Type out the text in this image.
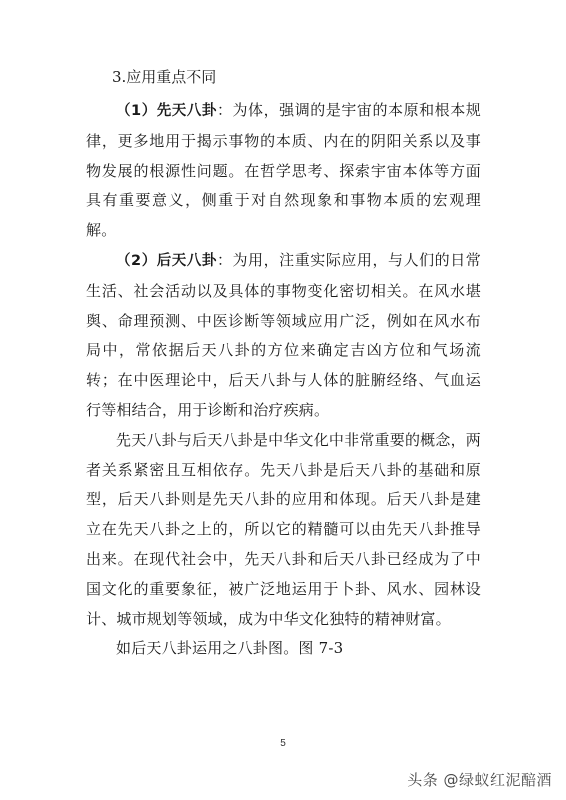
3.应用重点不同

（1）先天八卦：为体，强调的是宇宙的本原和根本规律，更多地用于揭示事物的本质、内在的阴阳关系以及事物发展的根源性问题。在哲学思考、探索宇宙本体等方面具有重要意义，侧重于对自然现象和事物本质的宏观理解。

（2）后天八卦：为用，注重实际应用，与人们的日常生活、社会活动以及具体的事物变化密切相关。在风水堪舆、命理预测、中医诊断等领域应用广泛，例如在风水布局中，常依据后天八卦的方位来确定吉凶方位和气场流转；在中医理论中，后天八卦与人体的脏腑经络、气血运行等相结合，用于诊断和治疗疾病。

先天八卦与后天八卦是中华文化中非常重要的概念，两者关系紧密且互相依存。先天八卦是后天八卦的基础和原型，后天八卦则是先天八卦的应用和体现。后天八卦是建立在先天八卦之上的，所以它的精髓可以由先天八卦推导出来。在现代社会中，先天八卦和后天八卦已经成为了中国文化的重要象征，被广泛地运用于卜卦、风水、园林设计、城市规划等领域，成为中华文化独特的精神财富。

如后天八卦运用之八卦图。图 7-3

5
头条 @绿蚁红泥醅酒
